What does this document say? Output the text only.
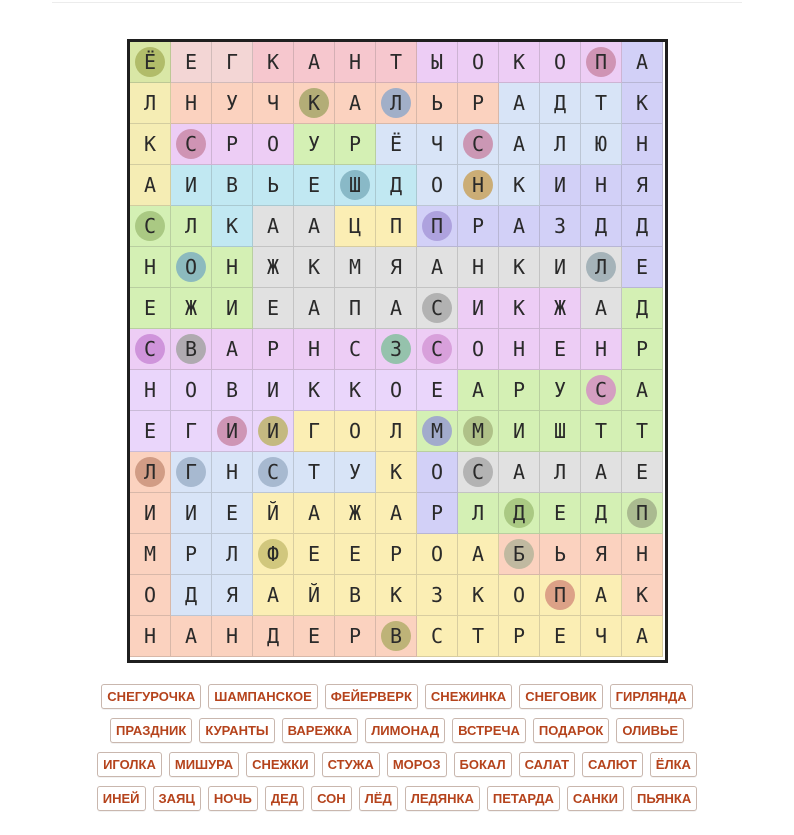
Ё Е Г К А Н Т Ы О К О П А
Л Н У Ч К А Л Ь Р А Д Т К
К С Р О У Р Ё Ч С А Л Ю Н
А И В Ь Е Ш Д О Н К И Н Я
С Л К А А Ц П П Р А З Д Д
Н О Н Ж К М Я А Н К И Л Е
Е Ж И Е А П А С И К Ж А Д
С В А Р Н С З С О Н Е Н Р
Н О В И К К О Е А Р У С А
Е Г И И Г О Л М М И Ш Т Т
Л Г Н С Т У К О С А Л А Е
И И Е Й А Ж А Р Л Д Е Д П
М Р Л Ф Е Е Р О А Б Ь Я Н
О Д Я А Й В К З К О П А К
Н А Н Д Е Р В С Т Р Е Ч А
СНЕГУРОЧКА	ШАМПАНСКОЕ	ФЕЙЕРВЕРК	СНЕЖИНКА	СНЕГОВИК	ГИРЛЯНДА
ПРАЗДНИК	КУРАНТЫ	ВАРЕЖКА	ЛИМОНАД	ВСТРЕЧА	ПОДАРОК	ОЛИВЬЕ
ИГОЛКА	МИШУРА	СНЕЖКИ	СТУЖА	МОРОЗ	БОКАЛ	САЛАТ	САЛЮТ	ЁЛКА
ИНЕЙ	ЗАЯЦ	НОЧЬ	ДЕД	СОН	ЛЁД	ЛЕДЯНКА	ПЕТАРДА	САНКИ	ПЬЯНКА
